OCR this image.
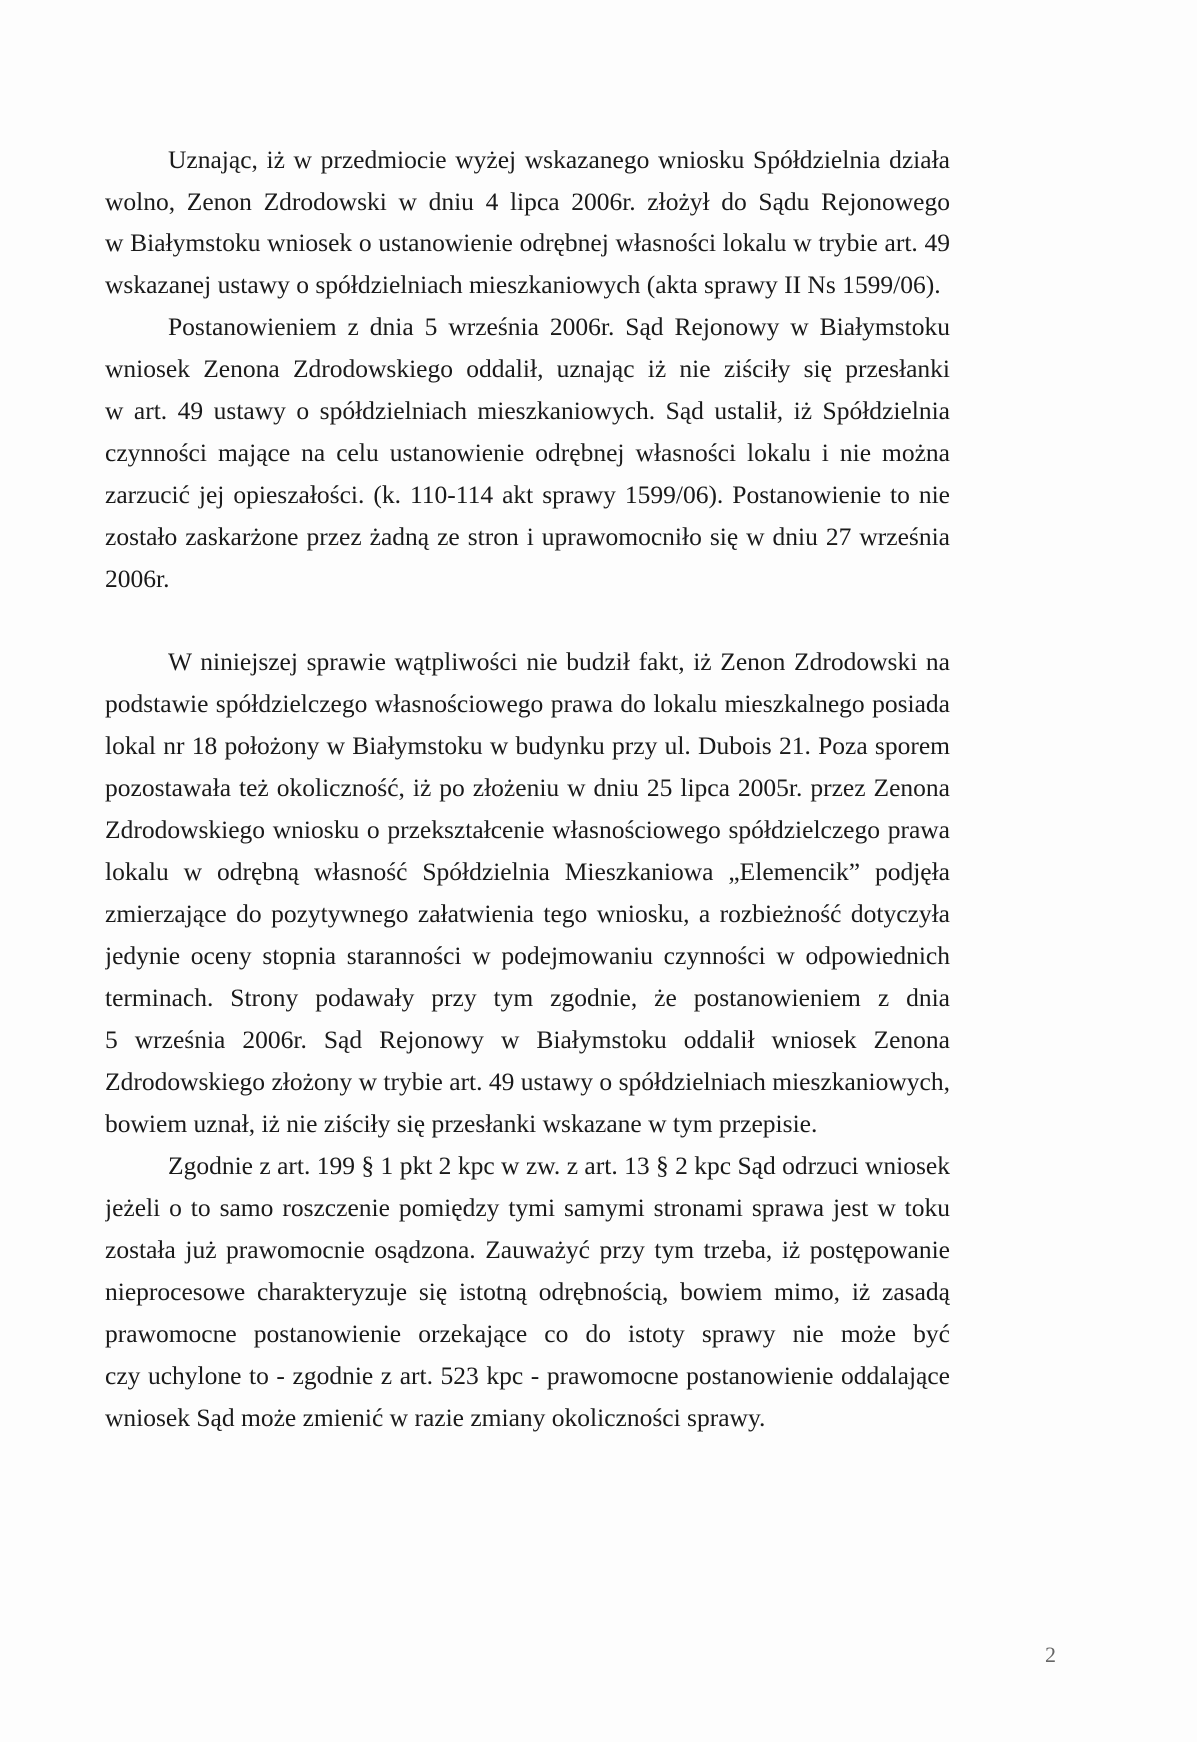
Uznając, iż w przedmiocie wyżej wskazanego wniosku Spółdzielnia działa
wolno, Zenon Zdrodowski w dniu 4 lipca 2006r. złożył do Sądu Rejonowego
w Białymstoku wniosek o ustanowienie odrębnej własności lokalu w trybie art. 49
wskazanej ustawy o spółdzielniach mieszkaniowych (akta sprawy II Ns 1599/06).
Postanowieniem z dnia 5 września 2006r. Sąd Rejonowy w Białymstoku
wniosek Zenona Zdrodowskiego oddalił, uznając iż nie ziściły się przesłanki
w art. 49 ustawy o spółdzielniach mieszkaniowych. Sąd ustalił, iż Spółdzielnia
czynności mające na celu ustanowienie odrębnej własności lokalu i nie można
zarzucić jej opieszałości. (k. 110-114 akt sprawy 1599/06). Postanowienie to nie
zostało zaskarżone przez żadną ze stron i uprawomocniło się w dniu 27 września
2006r.
W niniejszej sprawie wątpliwości nie budził fakt, iż Zenon Zdrodowski na
podstawie spółdzielczego własnościowego prawa do lokalu mieszkalnego posiada
lokal nr 18 położony w Białymstoku w budynku przy ul. Dubois 21. Poza sporem
pozostawała też okoliczność, iż po złożeniu w dniu 25 lipca 2005r. przez Zenona
Zdrodowskiego wniosku o przekształcenie własnościowego spółdzielczego prawa
lokalu w odrębną własność Spółdzielnia Mieszkaniowa „Elemencik” podjęła
zmierzające do pozytywnego załatwienia tego wniosku, a rozbieżność dotyczyła
jedynie oceny stopnia staranności w podejmowaniu czynności w odpowiednich
terminach. Strony podawały przy tym zgodnie, że postanowieniem z dnia
5 września 2006r. Sąd Rejonowy w Białymstoku oddalił wniosek Zenona
Zdrodowskiego złożony w trybie art. 49 ustawy o spółdzielniach mieszkaniowych,
bowiem uznał, iż nie ziściły się przesłanki wskazane w tym przepisie.
Zgodnie z art. 199 § 1 pkt 2 kpc w zw. z art. 13 § 2 kpc Sąd odrzuci wniosek
jeżeli o to samo roszczenie pomiędzy tymi samymi stronami sprawa jest w toku
została już prawomocnie osądzona. Zauważyć przy tym trzeba, iż postępowanie
nieprocesowe charakteryzuje się istotną odrębnością, bowiem mimo, iż zasadą
prawomocne postanowienie orzekające co do istoty sprawy nie może być
czy uchylone to - zgodnie z art. 523 kpc - prawomocne postanowienie oddalające
wniosek Sąd może zmienić w razie zmiany okoliczności sprawy.
2
